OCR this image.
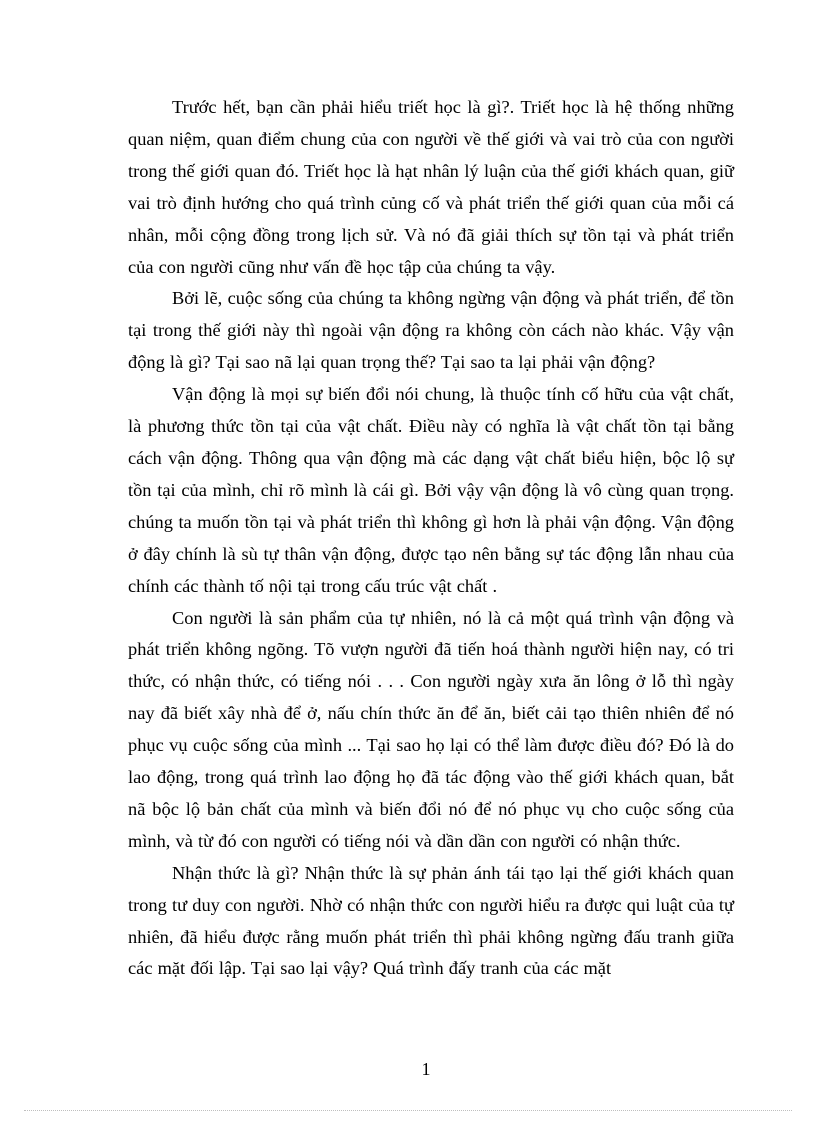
Trước hết, bạn cần phải hiểu triết học là gì?. Triết học là hệ thống những quan niệm, quan điểm chung của con người về thế giới và vai trò của con người trong thế giới quan đó. Triết học là hạt nhân lý luận của thế giới khách quan, giữ vai trò định hướng cho quá trình củng cố và phát triển thế giới quan của mỗi cá nhân, mỗi cộng đồng trong lịch sử. Và nó đã giải thích sự tồn tại và phát triển của con người cũng như vấn đề học tập của chúng ta vậy.

Bởi lẽ, cuộc sống của chúng ta không ngừng vận động và phát triển, để tồn tại trong thế giới này thì ngoài vận động ra không còn cách nào khác. Vậy vận động là gì? Tại sao nã lại quan trọng thế? Tại sao ta lại phải vận động?

Vận động là mọi sự biến đổi nói chung, là thuộc tính cố hữu của vật chất, là phương thức tồn tại của vật chất. Điều này có nghĩa là vật chất tồn tại bằng cách vận động. Thông qua vận động mà các dạng vật chất biểu hiện, bộc lộ sự tồn tại của mình, chỉ rõ mình là cái gì. Bởi vậy vận động là vô cùng quan trọng. chúng ta muốn tồn tại và phát triển thì không gì hơn là phải vận động. Vận động ở đây chính là sù tự thân vận động, được tạo nên bằng sự tác động lẫn nhau của chính các thành tố nội tại trong cấu trúc vật chất .

Con người là sản phẩm của tự nhiên, nó là cả một quá trình vận động và phát triển không ngõng. Tõ vượn người đã tiến hoá thành người hiện nay, có tri thức, có nhận thức, có tiếng nói . . . Con người ngày xưa ăn lông ở lỗ thì ngày nay đã biết xây nhà để ở, nấu chín thức ăn để ăn, biết cải tạo thiên nhiên để nó phục vụ cuộc sống của mình ... Tại sao họ lại có thể làm được điều đó? Đó là do lao động, trong quá trình lao động họ đã tác động vào thế giới khách quan, bắt nã bộc lộ bản chất của mình và biến đổi nó để nó phục vụ cho cuộc sống của mình, và từ đó con người có tiếng nói và dần dần con người có nhận thức.

Nhận thức là gì? Nhận thức là sự phản ánh tái tạo lại thế giới khách quan trong tư duy con người. Nhờ có nhận thức con người hiểu ra được qui luật của tự nhiên, đã hiểu được rằng muốn phát triển thì phải không ngừng đấu tranh giữa các mặt đối lập. Tại sao lại vậy? Quá trình đấy tranh của các mặt

1
